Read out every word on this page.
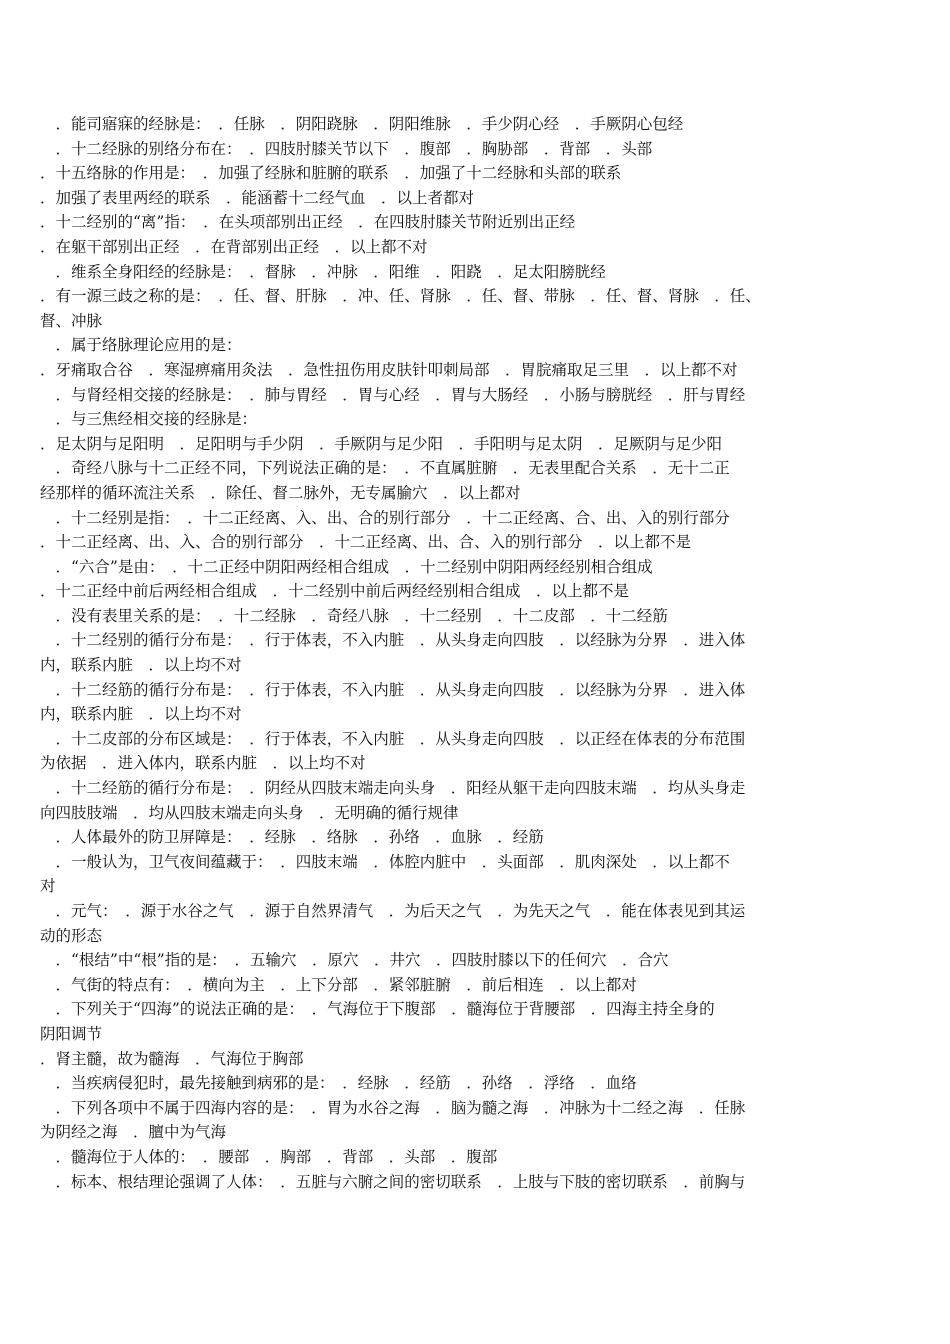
　．能司寤寐的经脉是：　．任脉　．阴阳跷脉　．阴阳维脉　．手少阴心经　．手厥阴心包经
　．十二经脉的别络分布在：　．四肢肘膝关节以下　．腹部　．胸胁部　．背部　．头部
．十五络脉的作用是：　．加强了经脉和脏腑的联系　．加强了十二经脉和头部的联系
．加强了表里两经的联系　．能涵蓄十二经气血　．以上者都对
．十二经别的“离”指：　．在头项部别出正经　．在四肢肘膝关节附近别出正经
．在躯干部别出正经　．在背部别出正经　．以上都不对
　．维系全身阳经的经脉是：　．督脉　．冲脉　．阳维　．阳跷　．足太阳膀胱经
．有一源三歧之称的是：　．任、督、肝脉　．冲、任、肾脉　．任、督、带脉　．任、督、肾脉　．任、
督、冲脉
　．属于络脉理论应用的是：
．牙痛取合谷　．寒湿痹痛用灸法　．急性扭伤用皮肤针叩刺局部　．胃脘痛取足三里　．以上都不对
　．与肾经相交接的经脉是：　．肺与胃经　．胃与心经　．胃与大肠经　．小肠与膀胱经　．肝与胃经
　．与三焦经相交接的经脉是：
．足太阴与足阳明　．足阳明与手少阴　．手厥阴与足少阳　．手阳明与足太阴　．足厥阴与足少阳
　．奇经八脉与十二正经不同，下列说法正确的是：　．不直属脏腑　．无表里配合关系　．无十二正
经那样的循环流注关系　．除任、督二脉外，无专属腧穴　．以上都对
　．十二经别是指：　．十二正经离、入、出、合的别行部分　．十二正经离、合、出、入的别行部分
．十二正经离、出、入、合的别行部分　．十二正经离、出、合、入的别行部分　．以上都不是
　．“六合”是由：　．十二正经中阴阳两经相合组成　．十二经别中阴阳两经经别相合组成
．十二正经中前后两经相合组成　．十二经别中前后两经经别相合组成　．以上都不是
　．没有表里关系的是：　．十二经脉　．奇经八脉　．十二经别　．十二皮部　．十二经筋
　．十二经别的循行分布是：　．行于体表，不入内脏　．从头身走向四肢　．以经脉为分界　．进入体
内，联系内脏　．以上均不对
　．十二经筋的循行分布是：　．行于体表，不入内脏　．从头身走向四肢　．以经脉为分界　．进入体
内，联系内脏　．以上均不对
　．十二皮部的分布区域是：　．行于体表，不入内脏　．从头身走向四肢　．以正经在体表的分布范围
为依据　．进入体内，联系内脏　．以上均不对
　．十二经筋的循行分布是：　．阴经从四肢末端走向头身　．阳经从躯干走向四肢末端　．均从头身走
向四肢肢端　．均从四肢末端走向头身　．无明确的循行规律
　．人体最外的防卫屏障是：　．经脉　．络脉　．孙络　．血脉　．经筋
　．一般认为，卫气夜间蕴藏于：　．四肢末端　．体腔内脏中　．头面部　．肌肉深处　．以上都不
对
　．元气：　．源于水谷之气　．源于自然界清气　．为后天之气　．为先天之气　．能在体表见到其运
动的形态
　．“根结”中“根”指的是：　．五输穴　．原穴　．井穴　．四肢肘膝以下的任何穴　．合穴
　．气街的特点有：　．横向为主　．上下分部　．紧邻脏腑　．前后相连　．以上都对
　．下列关于“四海”的说法正确的是：　．气海位于下腹部　．髓海位于背腰部　．四海主持全身的
阴阳调节
．肾主髓，故为髓海　．气海位于胸部
　．当疾病侵犯时，最先接触到病邪的是：　．经脉　．经筋　．孙络　．浮络　．血络
　．下列各项中不属于四海内容的是：　．胃为水谷之海　．脑为髓之海　．冲脉为十二经之海　．任脉
为阴经之海　．膻中为气海
　．髓海位于人体的：　．腰部　．胸部　．背部　．头部　．腹部
　．标本、根结理论强调了人体：　．五脏与六腑之间的密切联系　．上肢与下肢的密切联系　．前胸与
